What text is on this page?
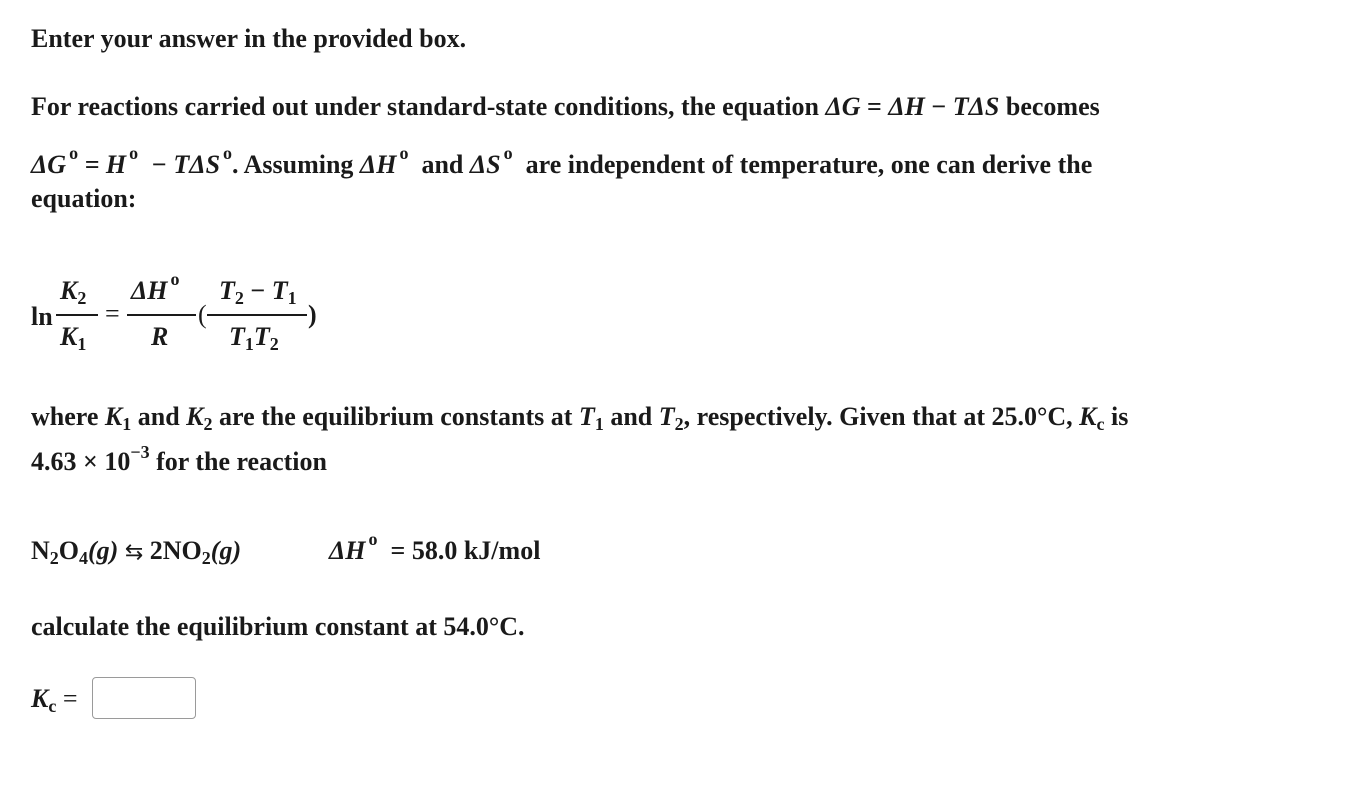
Enter your answer in the provided box.
For reactions carried out under standard-state conditions, the equation ΔG = ΔH − TΔS becomes
ΔG $^o$ = H $^o$ − TΔS $^o$. Assuming ΔH $^o$ and ΔS $^o$ are independent of temperature, one can derive the
equation:
ln
$K_2$
$K_1$
=
ΔH $^o$
R
(
$T_2 - T_1$
$T_1T_2$
)
where $K_1$ and $K_2$ are the equilibrium constants at $T_1$ and $T_2$, respectively. Given that at 25.0°C, $K_c$ is
$4.63 \times 10^{-3}$ for the reaction
$N_2O_4(g)$ ⇆ $2NO_2(g)$	ΔH $^o$ = 58.0 kJ/mol
calculate the equilibrium constant at 54.0°C.
$K_c$ =
